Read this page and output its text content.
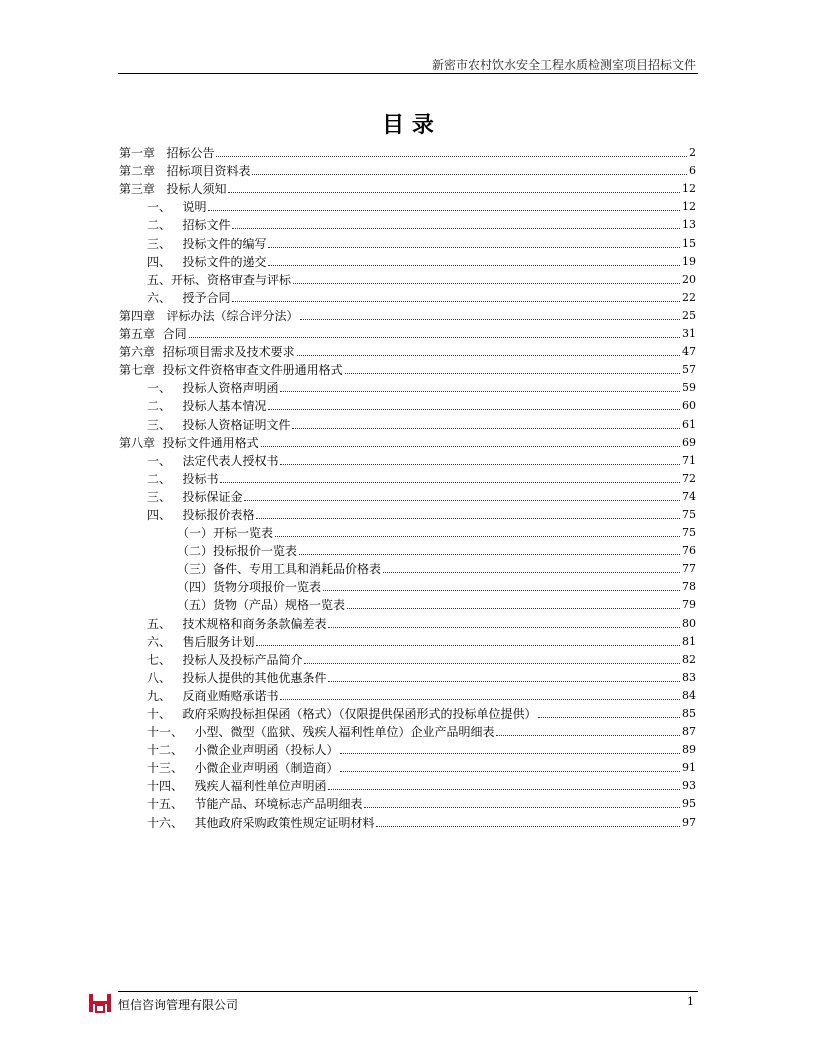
新密市农村饮水安全工程水质检测室项目招标文件
目 录
第一章   招标公告	2
第二章   招标项目资料表	6
第三章   投标人须知	12
一、   说明	12
二、   招标文件	13
三、   投标文件的编写	15
四、   投标文件的递交	19
五、开标、资格审查与评标	20
六、   授予合同	22
第四章   评标办法（综合评分法）	25
第五章  合同	31
第六章  招标项目需求及技术要求	47
第七章  投标文件资格审查文件册通用格式	57
一、   投标人资格声明函	59
二、   投标人基本情况	60
三、   投标人资格证明文件	61
第八章  投标文件通用格式	69
一、   法定代表人授权书	71
二、   投标书	72
三、   投标保证金	74
四、   投标报价表格	75
（一）开标一览表	75
（二）投标报价一览表	76
（三）备件、专用工具和消耗品价格表	77
（四）货物分项报价一览表	78
（五）货物（产品）规格一览表	79
五、   技术规格和商务条款偏差表	80
六、   售后服务计划	81
七、   投标人及投标产品简介	82
八、   投标人提供的其他优惠条件	83
九、   反商业贿赂承诺书	84
十、   政府采购投标担保函（格式）（仅限提供保函形式的投标单位提供）	85
十一、   小型、微型（监狱、残疾人福利性单位）企业产品明细表	87
十二、   小微企业声明函（投标人）	89
十三、   小微企业声明函（制造商）	91
十四、   残疾人福利性单位声明函	93
十五、   节能产品、环境标志产品明细表	95
十六、   其他政府采购政策性规定证明材料	97
恒信咨询管理有限公司	1
